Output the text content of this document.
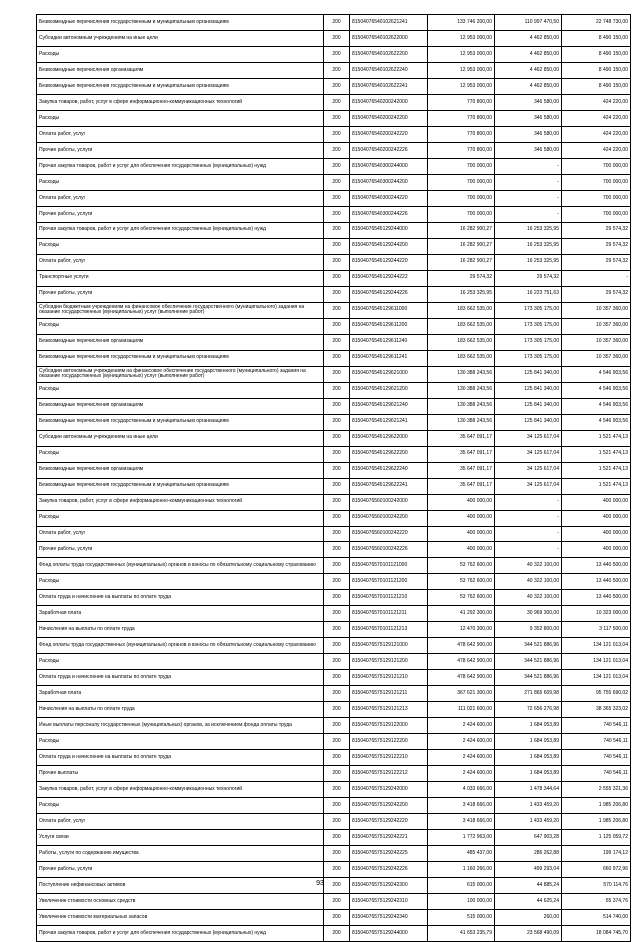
Безвозмездные перечисления государственным и муниципальным организациям	200	81504076540102621241	133 746 200,00	110 997 470,50	22 748 730,00
Субсидии автономным учреждениям на иные цели	200	81504076540102622000	12 953 000,00	4 462 850,00	8 490 150,00
Расходы	200	81504076540102622200	12 953 000,00	4 462 850,00	8 490 150,00
Безвозмездные перечисления организациям	200	81504076540102622240	12 953 000,00	4 462 850,00	8 490 150,00
Безвозмездные перечисления государственным и муниципальным организациям	200	81504076540102622241	12 953 000,00	4 462 850,00	8 490 150,00
Закупка товаров, работ, услуг в сфере информационно-коммуникационных технологий	200	81504076540200242000	770 800,00	346 580,00	424 220,00
Расходы	200	81504076540200242200	770 800,00	346 580,00	424 220,00
Оплата работ, услуг	200	81504076540200242220	770 800,00	346 580,00	424 220,00
Прочие работы, услуги	200	81504076540200242226	770 800,00	346 580,00	424 220,00
Прочая закупка товаров, работ и услуг для обеспечения государственных (муниципальных) нужд	200	81504076540300244000	700 000,00	-	700 000,00
Расходы	200	81504076540300244200	700 000,00	-	700 000,00
Оплата работ, услуг	200	81504076540300244220	700 000,00	-	700 000,00
Прочие работы, услуги	200	81504076540300244226	700 000,00	-	700 000,00
Прочая закупка товаров, работ и услуг для обеспечения государственных (муниципальных) нужд	200	81504076545129244000	16 282 900,27	16 253 325,95	29 574,32
Расходы	200	81504076545129244200	16 282 900,27	16 253 325,95	29 574,32
Оплата работ, услуг	200	81504076545129244220	16 282 900,27	16 253 325,95	29 574,32
Транспортные услуги	200	81504076545129244222	29 574,32	29 574,32	-
Прочие работы, услуги	200	81504076545129244226	16 253 325,95	16 223 751,63	29 574,32
Субсидии бюджетным учреждениям на финансовое обеспечение государственного (муниципального) задания на оказание государственных (муниципальных) услуг (выполнение работ)	200	81504076545129611000	183 662 535,00	173 305 175,00	10 357 360,00
Расходы	200	81504076545129611200	183 662 535,00	173 305 175,00	10 357 360,00
Безвозмездные перечисления организациям	200	81504076545129611240	183 662 535,00	173 305 175,00	10 357 360,00
Безвозмездные перечисления государственным и муниципальным организациям	200	81504076545129611241	183 662 535,00	173 305 175,00	10 357 360,00
Субсидии автономным учреждениям на финансовое обеспечение государственного (муниципального) задания на оказание государственных (муниципальных) услуг (выполнение работ)	200	81504076545129621000	130 388 243,56	125 841 340,00	4 546 903,56
Расходы	200	81504076545129621200	130 388 243,56	125 841 340,00	4 546 903,56
Безвозмездные перечисления организациям	200	81504076545129621240	130 388 243,56	125 841 340,00	4 546 903,56
Безвозмездные перечисления государственным и муниципальным организациям	200	81504076545129621241	130 388 243,56	125 841 340,00	4 546 903,56
Субсидии автономным учреждениям на иные цели	200	81504076545129622000	35 647 091,17	34 125 617,04	1 521 474,13
Расходы	200	81504076545129622200	35 647 091,17	34 125 617,04	1 521 474,13
Безвозмездные перечисления организациям	200	81504076545129622240	35 647 091,17	34 125 617,04	1 521 474,13
Безвозмездные перечисления государственным и муниципальным организациям	200	81504076545129622241	35 647 091,17	34 125 617,04	1 521 474,13
Закупка товаров, работ, услуг в сфере информационно-коммуникационных технологий	200	81504076560100242000	400 000,00	-	400 000,00
Расходы	200	81504076560100242200	400 000,00	-	400 000,00
Оплата работ, услуг	200	81504076560100242220	400 000,00	-	400 000,00
Прочие работы, услуги	200	81504076560100242226	400 000,00	-	400 000,00
Фонд оплаты труда государственных (муниципальных) органов и взносы по обязательному социальному страхованию	200	81504076570101121000	53 762 600,00	40 322 100,00	13 440 500,00
Расходы	200	81504076570101121200	53 762 600,00	40 322 100,00	13 440 500,00
Оплата труда и начисления на выплаты по оплате труда	200	81504076570101121210	53 762 600,00	40 322 100,00	13 440 500,00
Заработная плата	200	81504076570101121211	41 292 300,00	30 969 300,00	10 323 000,00
Начисления на выплаты по оплате труда	200	81504076570101121213	12 470 300,00	9 352 800,00	3 117 500,00
Фонд оплаты труда государственных (муниципальных) органов и взносы по обязательному социальному страхованию	200	81504076575129121000	478 642 900,00	344 521 886,96	134 121 013,04
Расходы	200	81504076575129121200	478 642 900,00	344 521 886,96	134 121 013,04
Оплата труда и начисления на выплаты по оплате труда	200	81504076575129121210	478 642 900,00	344 521 886,96	134 121 013,04
Заработная плата	200	81504076575129121211	367 621 300,00	271 865 609,98	95 755 690,02
Начисления на выплаты по оплате труда	200	81504076575129121213	111 021 600,00	72 656 276,98	38 365 323,02
Иные выплаты персоналу государственных (муниципальных) органов, за исключением фонда оплаты труда	200	81504076575129122000	2 424 600,00	1 684 053,89	740 546,11
Расходы	200	81504076575129122200	2 424 600,00	1 684 053,89	740 546,11
Оплата труда и начисления на выплаты по оплате труда	200	81504076575129122210	2 424 600,00	1 684 053,89	740 546,11
Прочие выплаты	200	81504076575129122212	2 424 600,00	1 684 053,89	740 546,11
Закупка товаров, работ, услуг в сфере информационно-коммуникационных технологий	200	81504076575129242000	4 033 666,00	1 478 344,64	2 555 321,36
Расходы	200	81504076575129242200	3 418 666,00	1 433 459,20	1 985 206,80
Оплата работ, услуг	200	81504076575129242220	3 418 666,00	1 433 459,20	1 985 206,80
Услуги связи	200	81504076575129242221	1 772 963,00	647 903,28	1 125 059,72
Работы, услуги по содержанию имущества	200	81504076575129242225	485 437,00	286 262,88	199 174,12
Прочие работы, услуги	200	81504076575129242226	1 160 266,00	499 293,04	660 972,96
Поступление нефинансовых активов	200	81504076575129242300	615 000,00	44 885,24	570 114,76
Увеличение стоимости основных средств	200	81504076575129242310	100 000,00	44 625,24	55 374,76
Увеличение стоимости материальных запасов	200	81504076575129242340	515 000,00	260,00	514 740,00
Прочая закупка товаров, работ и услуг для обеспечения государственных (муниципальных) нужд	200	81504076575129244000	41 653 235,79	23 568 490,09	18 084 745,70
93
